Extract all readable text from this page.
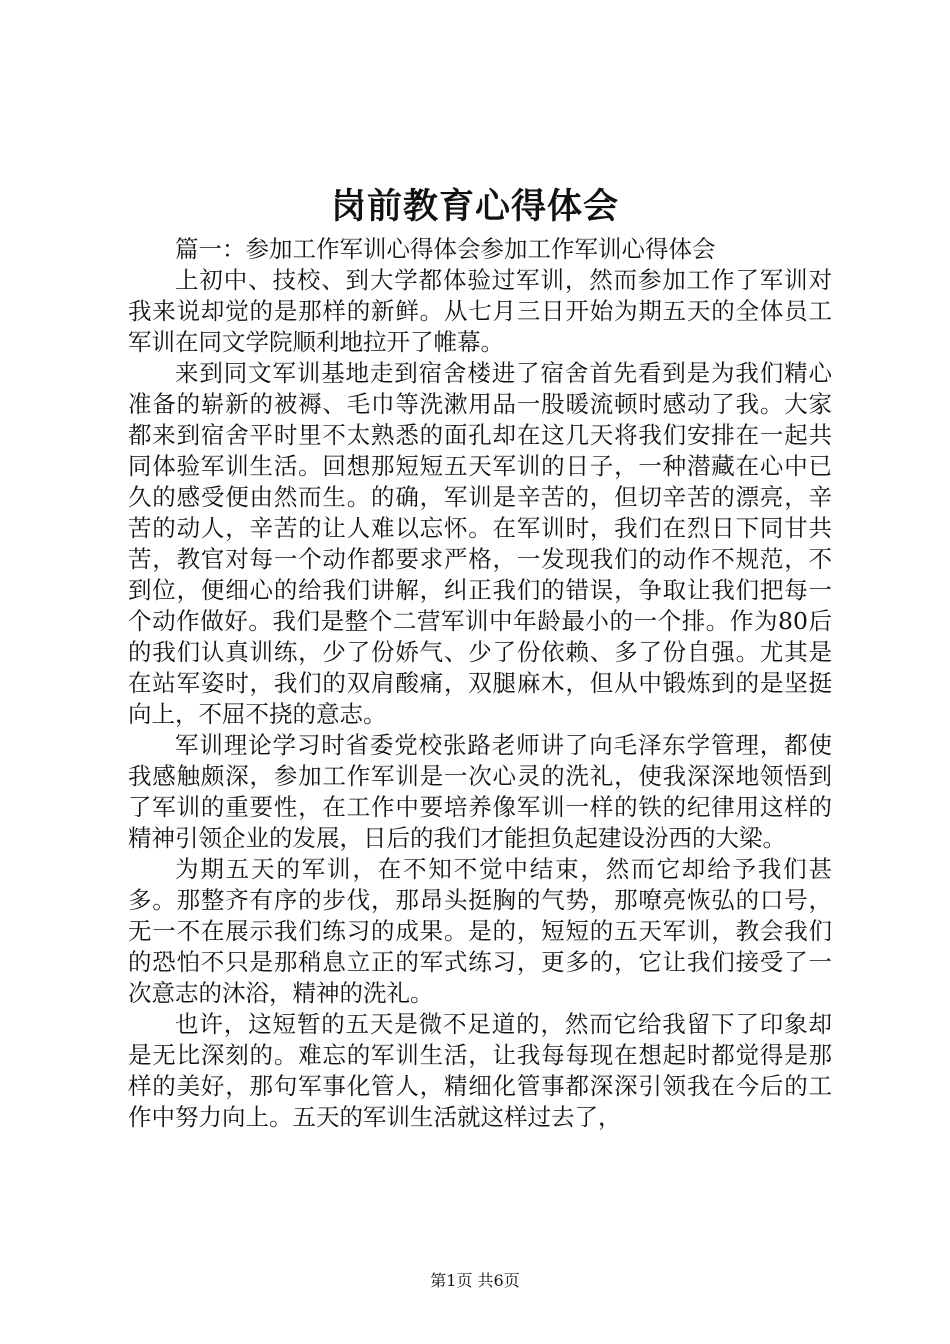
岗前教育心得体会

篇一：参加工作军训心得体会参加工作军训心得体会

上初中、技校、到大学都体验过军训，然而参加工作了军训对我来说却觉的是那样的新鲜。从七月三日开始为期五天的全体员工军训在同文学院顺利地拉开了帷幕。

来到同文军训基地走到宿舍楼进了宿舍首先看到是为我们精心准备的崭新的被褥、毛巾等洗漱用品一股暖流顿时感动了我。大家都来到宿舍平时里不太熟悉的面孔却在这几天将我们安排在一起共同体验军训生活。回想那短短五天军训的日子，一种潜藏在心中已久的感受便由然而生。的确，军训是辛苦的，但切辛苦的漂亮，辛苦的动人，辛苦的让人难以忘怀。在军训时，我们在烈日下同甘共苦，教官对每一个动作都要求严格，一发现我们的动作不规范，不到位，便细心的给我们讲解，纠正我们的错误，争取让我们把每一个动作做好。我们是整个二营军训中年龄最小的一个排。作为80后的我们认真训练，少了份娇气、少了份依赖、多了份自强。尤其是在站军姿时，我们的双肩酸痛，双腿麻木，但从中锻炼到的是坚挺向上，不屈不挠的意志。

军训理论学习时省委党校张路老师讲了向毛泽东学管理，都使我感触颇深，参加工作军训是一次心灵的洗礼，使我深深地领悟到了军训的重要性，在工作中要培养像军训一样的铁的纪律用这样的精神引领企业的发展，日后的我们才能担负起建设汾西的大梁。

为期五天的军训，在不知不觉中结束，然而它却给予我们甚多。那整齐有序的步伐，那昂头挺胸的气势，那嘹亮恢弘的口号，无一不在展示我们练习的成果。是的，短短的五天军训，教会我们的恐怕不只是那稍息立正的军式练习，更多的，它让我们接受了一次意志的沐浴，精神的洗礼。

也许，这短暂的五天是微不足道的，然而它给我留下了印象却是无比深刻的。难忘的军训生活，让我每每现在想起时都觉得是那样的美好，那句军事化管人，精细化管事都深深引领我在今后的工作中努力向上。五天的军训生活就这样过去了，

第1页 共6页
